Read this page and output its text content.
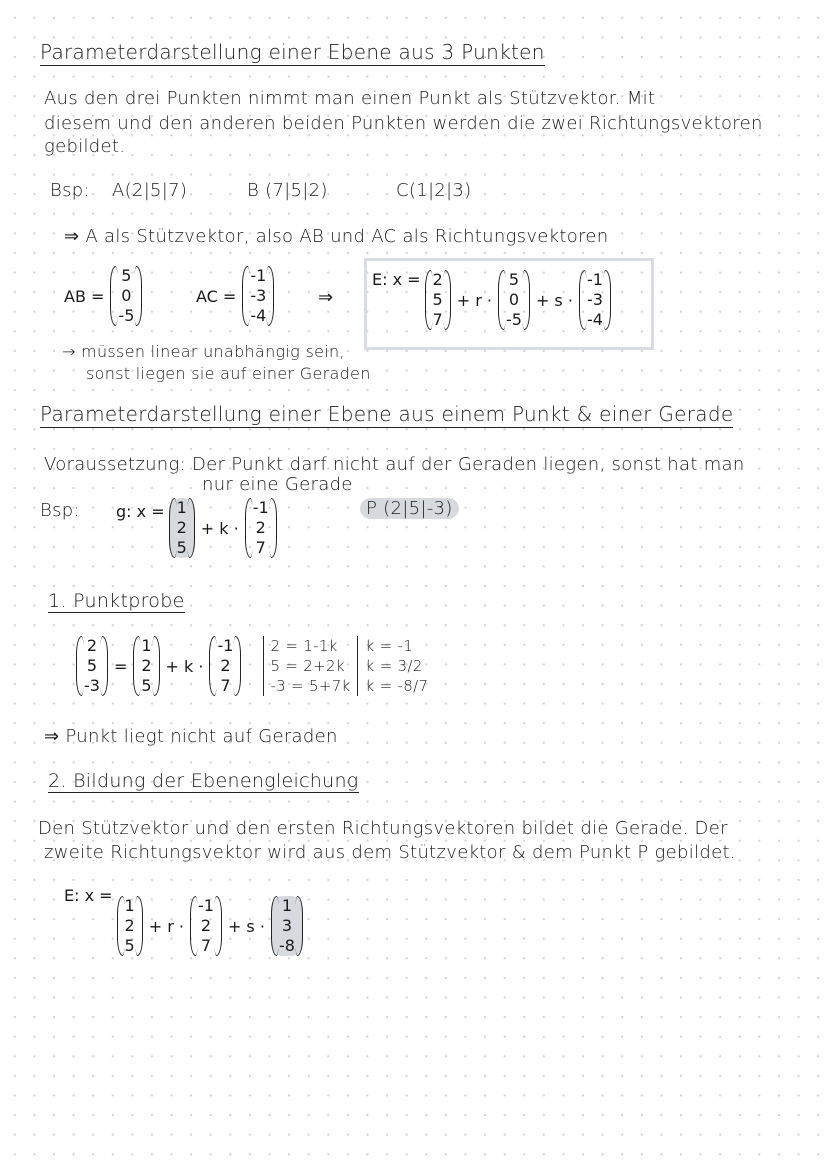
Parameterdarstellung einer Ebene aus 3 Punkten
Aus den drei Punkten nimmt man einen Punkt als Stützvektor. Mit
diesem und den anderen beiden Punkten werden die zwei Richtungsvektoren
gebildet.
Bsp: A(2|5|7)	B (7|5|2)	C(1|2|3)
⇒ A als Stützvektor, also AB und AC als Richtungsvektoren
AB =
5
0
-5
AC =
-1
-3
-4
⇒
E: x = 2
5
7
+ r ·
5
0
-5
+ s ·
-1
-3
-4
→ müssen linear unabhängig sein,
sonst liegen sie auf einer Geraden
Parameterdarstellung einer Ebene aus einem Punkt & einer Gerade
Voraussetzung: Der Punkt darf nicht auf der Geraden liegen, sonst hat man
nur eine Gerade
Bsp: g: x = 1
2
5
+ k ·
-1
2
7
P (2|5|-3)
1. Punktprobe
2
5
-3
=
1
2
5
+ k ·
-1
2
7
2 = 1-1k
5 = 2+2k
-3 = 5+7k
k = -1
k = 3/2
k = -8/7
⇒ Punkt liegt nicht auf Geraden
2. Bildung der Ebenengleichung
Den Stützvektor und den ersten Richtungsvektoren bildet die Gerade. Der
zweite Richtungsvektor wird aus dem Stützvektor & dem Punkt P gebildet.
E: x =
1
2
5
+ r ·
-1
2
7
+ s ·
1
3
-8
